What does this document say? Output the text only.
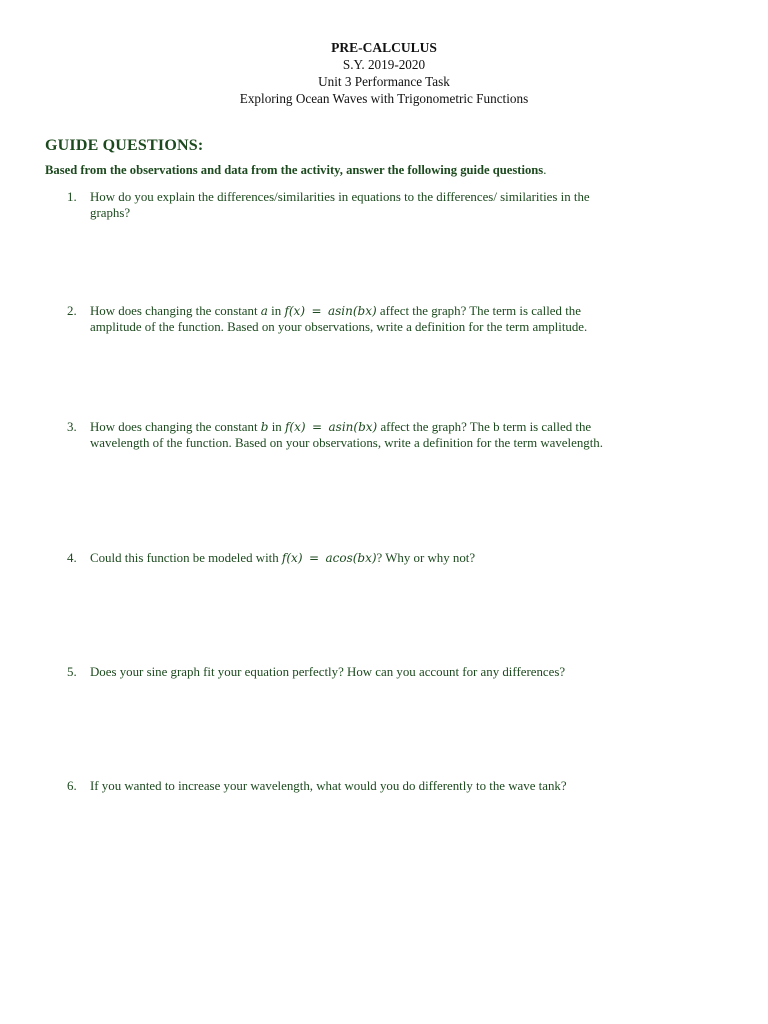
PRE-CALCULUS
S.Y. 2019-2020
Unit 3 Performance Task
Exploring Ocean Waves with Trigonometric Functions
GUIDE QUESTIONS:
Based from the observations and data from the activity, answer the following guide questions.
1.	How do you explain the differences/similarities in equations to the differences/ similarities in the
graphs?
2.	How does changing the constant a in f(x) = asin(bx) affect the graph? The term is called the
amplitude of the function. Based on your observations, write a definition for the term amplitude.
3.	How does changing the constant b in f(x) = asin(bx) affect the graph? The b term is called the
wavelength of the function. Based on your observations, write a definition for the term wavelength.
4.	Could this function be modeled with f(x) = acos(bx)? Why or why not?
5.	Does your sine graph fit your equation perfectly? How can you account for any differences?
6.	If you wanted to increase your wavelength, what would you do differently to the wave tank?
